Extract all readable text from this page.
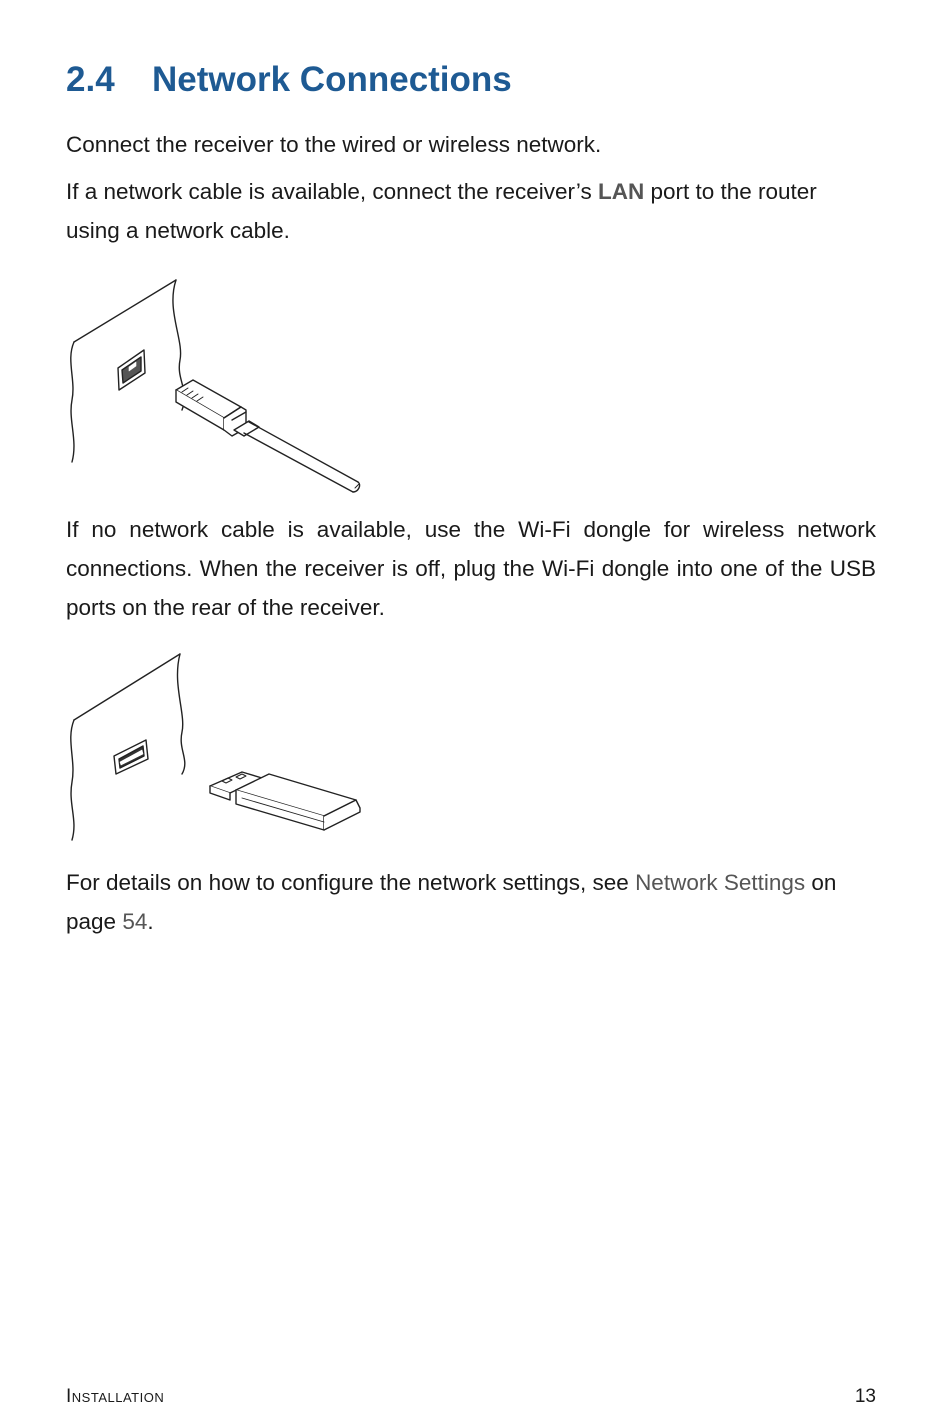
2.4 Network Connections

Connect the receiver to the wired or wireless network.

If a network cable is available, connect the receiver’s LAN port to the router using a network cable.

If no network cable is available, use the Wi-Fi dongle for wireless network connections. When the receiver is off, plug the Wi-Fi dongle into one of the USB ports on the rear of the receiver.

For details on how to configure the network settings, see Network Settings on page 54.

Installation	13
